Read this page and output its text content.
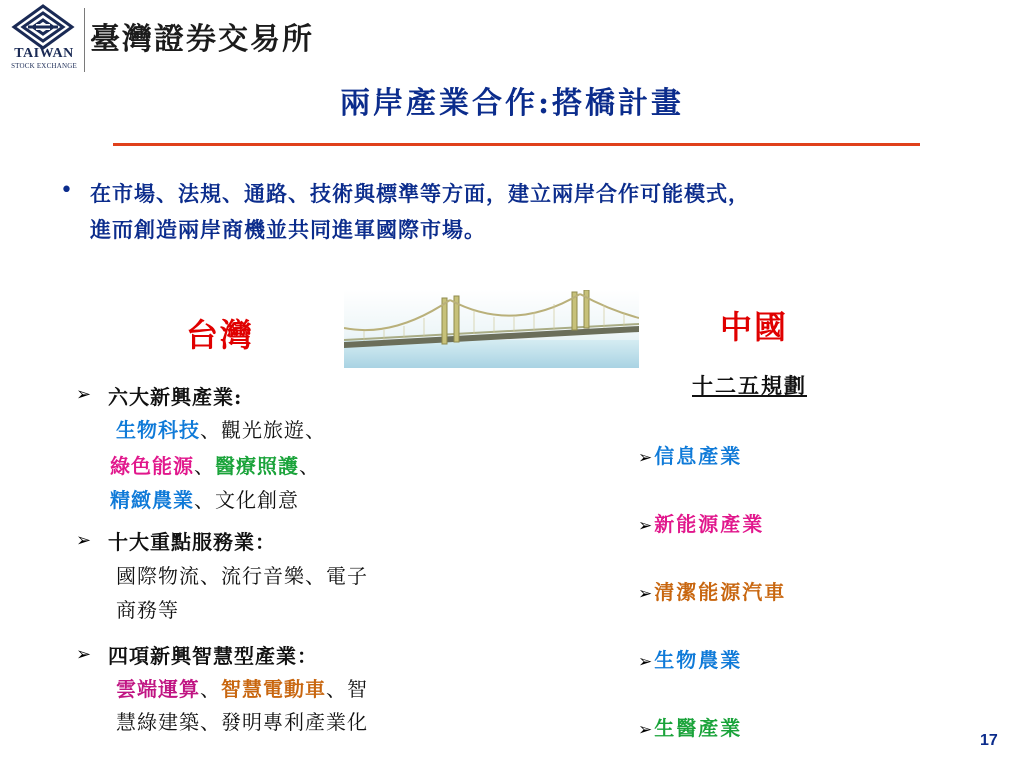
TAIWAN
STOCK EXCHANGE
臺灣證券交易所
兩岸產業合作:搭橋計畫
• 在市場、法規、通路、技術與標準等方面，建立兩岸合作可能模式，
進而創造兩岸商機並共同進軍國際市場。
台灣	中國
➢ 六大新興產業:
生物科技、觀光旅遊、
綠色能源、醫療照護、
精緻農業、文化創意
➢ 十大重點服務業：
國際物流、流行音樂、電子
商務等
➢ 四項新興智慧型產業：
雲端運算、智慧電動車、智
慧綠建築、發明專利產業化
十二五規劃
➢信息產業
➢新能源產業
➢清潔能源汽車
➢生物農業
➢生醫產業
17
